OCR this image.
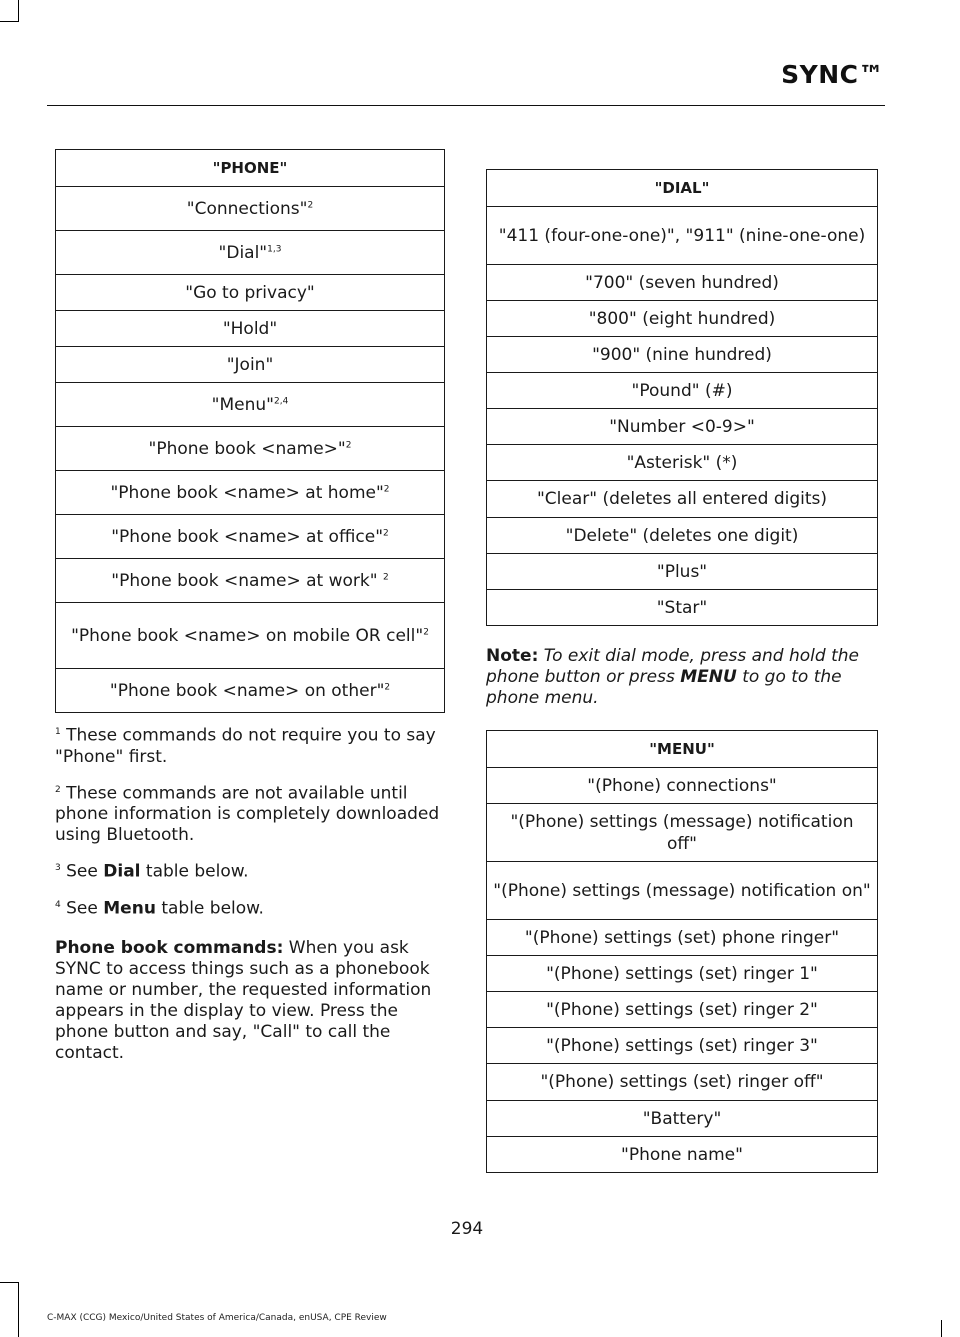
SYNC™
"PHONE"
"Connections"$^2$
"Dial"$^{1,3}$
"Go to privacy"
"Hold"
"Join"
"Menu"$^{2,4}$
"Phone book <name>"$^2$
"Phone book <name> at home"$^2$
"Phone book <name> at office"$^2$
"Phone book <name> at work" $^2$
"Phone book <name> on mobile OR cell"$^2$
"Phone book <name> on other"$^2$

$^1$ These commands do not require you to say "Phone" first.

$^2$ These commands are not available until phone information is completely downloaded using Bluetooth.

$^3$ See Dial table below.

$^4$ See Menu table below.

Phone book commands: When you ask SYNC to access things such as a phonebook name or number, the requested information appears in the display to view. Press the phone button and say, "Call" to call the contact.

"DIAL"
"411 (four-one-one)", "911" (nine-one-one)
"700" (seven hundred)
"800" (eight hundred)
"900" (nine hundred)
"Pound" (#)
"Number <0-9>"
"Asterisk" (*)
"Clear" (deletes all entered digits)
"Delete" (deletes one digit)
"Plus"
"Star"
Note: To exit dial mode, press and hold the phone button or press MENU to go to the phone menu.
"MENU"
"(Phone) connections"
"(Phone) settings (message) notification off"
"(Phone) settings (message) notification on"
"(Phone) settings (set) phone ringer"
"(Phone) settings (set) ringer 1"
"(Phone) settings (set) ringer 2"
"(Phone) settings (set) ringer 3"
"(Phone) settings (set) ringer off"
"Battery"
"Phone name"
294
C-MAX (CCG) Mexico/United States of America/Canada, enUSA, CPE Review
